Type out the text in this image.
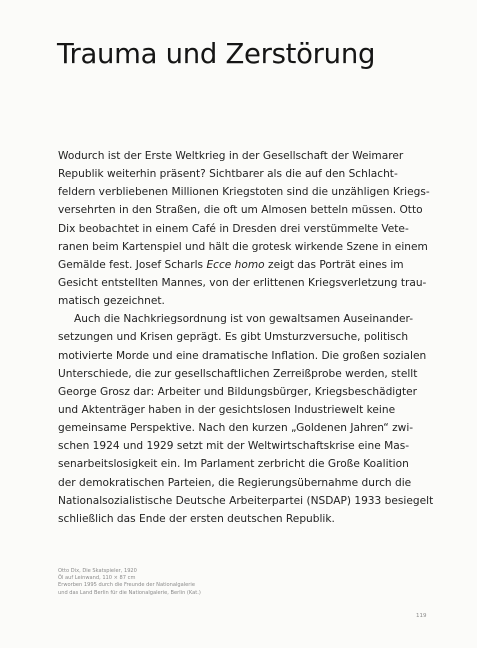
Trauma und Zerstörung
Wodurch ist der Erste Weltkrieg in der Gesellschaft der Weimarer
Republik weiterhin präsent? Sichtbarer als die auf den Schlacht-
feldern verbliebenen Millionen Kriegstoten sind die unzähligen Kriegs-
versehrten in den Straßen, die oft um Almosen betteln müssen. Otto
Dix beobachtet in einem Café in Dresden drei verstümmelte Vete-
ranen beim Kartenspiel und hält die grotesk wirkende Szene in einem
Gemälde fest. Josef Scharls Ecce homo zeigt das Porträt eines im
Gesicht entstellten Mannes, von der erlittenen Kriegsverletzung trau-
matisch gezeichnet.
Auch die Nachkriegsordnung ist von gewaltsamen Auseinander-
setzungen und Krisen geprägt. Es gibt Umsturzversuche, politisch
motivierte Morde und eine dramatische Inflation. Die großen sozialen
Unterschiede, die zur gesellschaftlichen Zerreißprobe werden, stellt
George Grosz dar: Arbeiter und Bildungsbürger, Kriegsbeschädigter
und Aktenträger haben in der gesichtslosen Industriewelt keine
gemeinsame Perspektive. Nach den kurzen „Goldenen Jahren“ zwi-
schen 1924 und 1929 setzt mit der Weltwirtschaftskrise eine Mas-
senarbeitslosigkeit ein. Im Parlament zerbricht die Große Koalition
der demokratischen Parteien, die Regierungsübernahme durch die
Nationalsozialistische Deutsche Arbeiterpartei (NSDAP) 1933 besiegelt
schließlich das Ende der ersten deutschen Republik.
Otto Dix, Die Skatspieler, 1920
Öl auf Leinwand, 110 × 87 cm
Erworben 1995 durch die Freunde der Nationalgalerie
und das Land Berlin für die Nationalgalerie, Berlin (Kat.)
119
